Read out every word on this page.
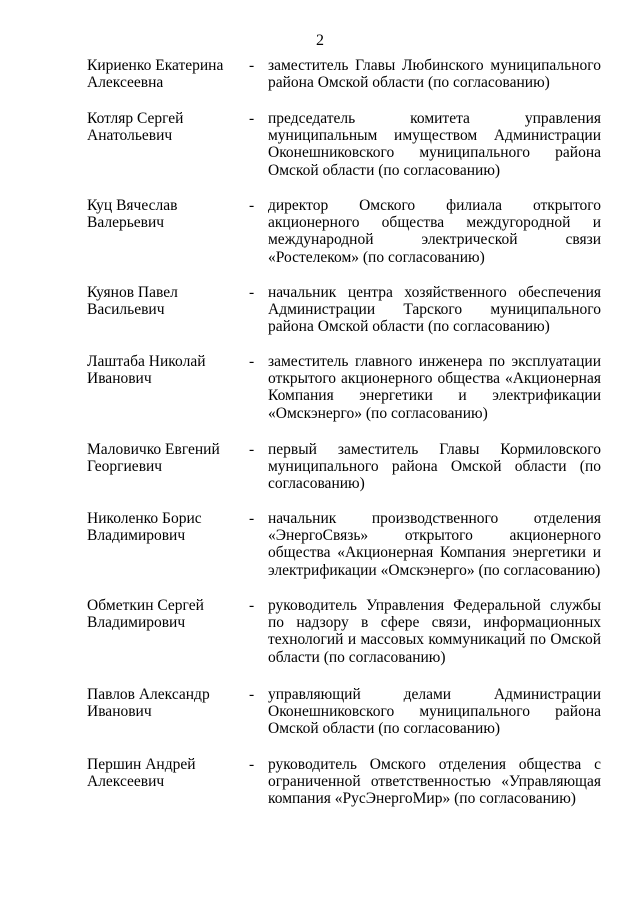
2
Кириенко Екатерина Алексеевна
- заместитель Главы Любинского муниципального района Омской области (по согласованию)
Котляр Сергей Анатольевич
- председатель комитета управления муниципальным имуществом Администрации Оконешниковского муниципального района Омской области (по согласованию)
Куц Вячеслав Валерьевич
- директор Омского филиала открытого акционерного общества междугородной и международной электрической связи «Ростелеком» (по согласованию)
Куянов Павел Васильевич
- начальник центра хозяйственного обеспечения Администрации Тарского муниципального района Омской области (по согласованию)
Лаштаба Николай Иванович
- заместитель главного инженера по эксплуатации открытого акционерного общества «Акционерная Компания энергетики и электрификации «Омскэнерго» (по согласованию)
Маловичко Евгений Георгиевич
- первый заместитель Главы Кормиловского муниципального района Омской области (по согласованию)
Николенко Борис Владимирович
- начальник производственного отделения «ЭнергоСвязь» открытого акционерного общества «Акционерная Компания энергетики и электрификации «Омскэнерго» (по согласованию)
Обметкин Сергей Владимирович
- руководитель Управления Федеральной службы по надзору в сфере связи, информационных технологий и массовых коммуникаций по Омской области (по согласованию)
Павлов Александр Иванович
- управляющий делами Администрации Оконешниковского муниципального района Омской области (по согласованию)
Першин Андрей Алексеевич
- руководитель Омского отделения общества с ограниченной ответственностью «Управляющая компания «РусЭнергоМир» (по согласованию)
